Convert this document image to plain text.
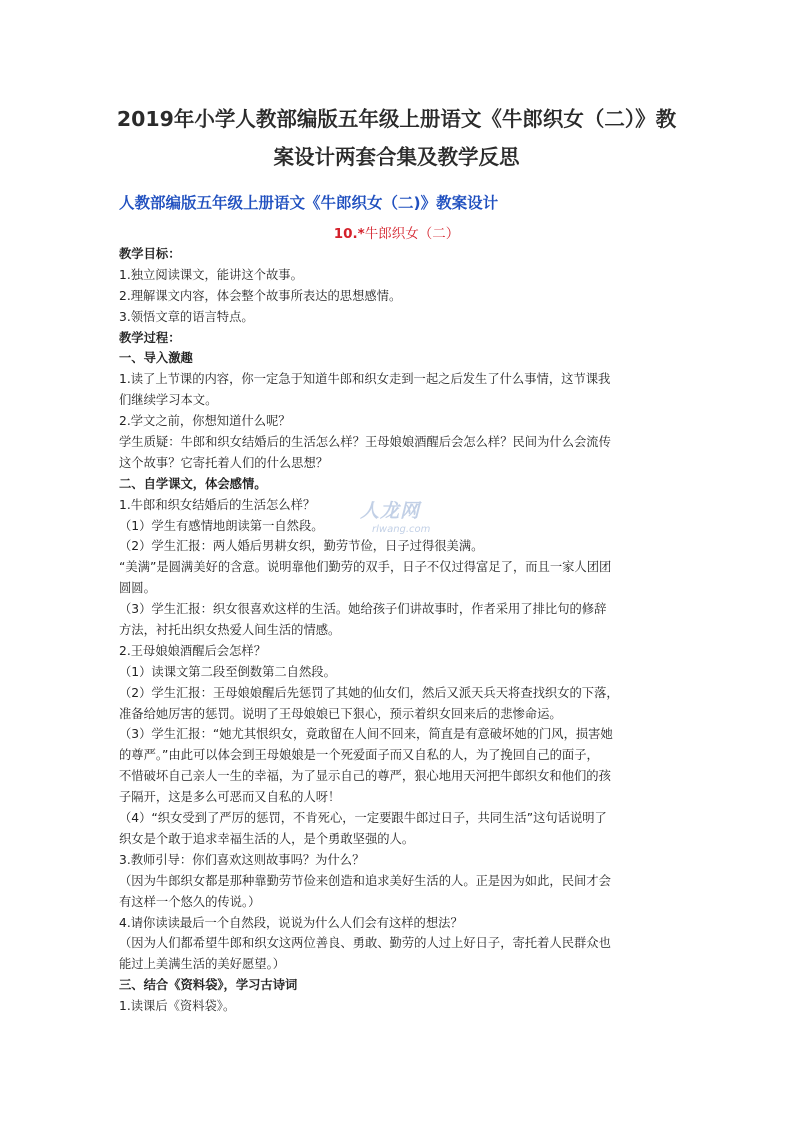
2019年小学人教部编版五年级上册语文《牛郎织女（二）》教
案设计两套合集及教学反思
人教部编版五年级上册语文《牛郎织女（二)》教案设计
10.*牛郎织女（二）
教学目标：
1.独立阅读课文，能讲这个故事。
2.理解课文内容，体会整个故事所表达的思想感情。
3.领悟文章的语言特点。
教学过程：
一、导入激趣
1.读了上节课的内容，你一定急于知道牛郎和织女走到一起之后发生了什么事情，这节课我
们继续学习本文。
2.学文之前，你想知道什么呢？
学生质疑：牛郎和织女结婚后的生活怎么样？王母娘娘酒醒后会怎么样？民间为什么会流传
这个故事？它寄托着人们的什么思想？
二、自学课文，体会感情。
1.牛郎和织女结婚后的生活怎么样？
（1）学生有感情地朗读第一自然段。
（2）学生汇报：两人婚后男耕女织，勤劳节俭，日子过得很美满。
“美满”是圆满美好的含意。说明靠他们勤劳的双手，日子不仅过得富足了，而且一家人团团
圆圆。
（3）学生汇报：织女很喜欢这样的生活。她给孩子们讲故事时，作者采用了排比句的修辞
方法，衬托出织女热爱人间生活的情感。
2.王母娘娘酒醒后会怎样？
（1）读课文第二段至倒数第二自然段。
（2）学生汇报：王母娘娘醒后先惩罚了其她的仙女们，然后又派天兵天将查找织女的下落，
准备给她厉害的惩罚。说明了王母娘娘已下狠心，预示着织女回来后的悲惨命运。
（3）学生汇报：“她尤其恨织女，竟敢留在人间不回来，简直是有意破坏她的门风，损害她
的尊严。”由此可以体会到王母娘娘是一个死爱面子而又自私的人，为了挽回自己的面子，
不惜破坏自己亲人一生的幸福，为了显示自己的尊严，狠心地用天河把牛郎织女和他们的孩
子隔开，这是多么可恶而又自私的人呀！
（4）“织女受到了严厉的惩罚，不肯死心，一定要跟牛郎过日子，共同生活”这句话说明了
织女是个敢于追求幸福生活的人，是个勇敢坚强的人。
3.教师引导：你们喜欢这则故事吗？为什么？
（因为牛郎织女都是那种靠勤劳节俭来创造和追求美好生活的人。正是因为如此，民间才会
有这样一个悠久的传说。）
4.请你读读最后一个自然段，说说为什么人们会有这样的想法？
（因为人们都希望牛郎和织女这两位善良、勇敢、勤劳的人过上好日子，寄托着人民群众也
能过上美满生活的美好愿望。）
三、结合《资料袋》，学习古诗词
1.读课后《资料袋》。
人龙网
rlwang.com
